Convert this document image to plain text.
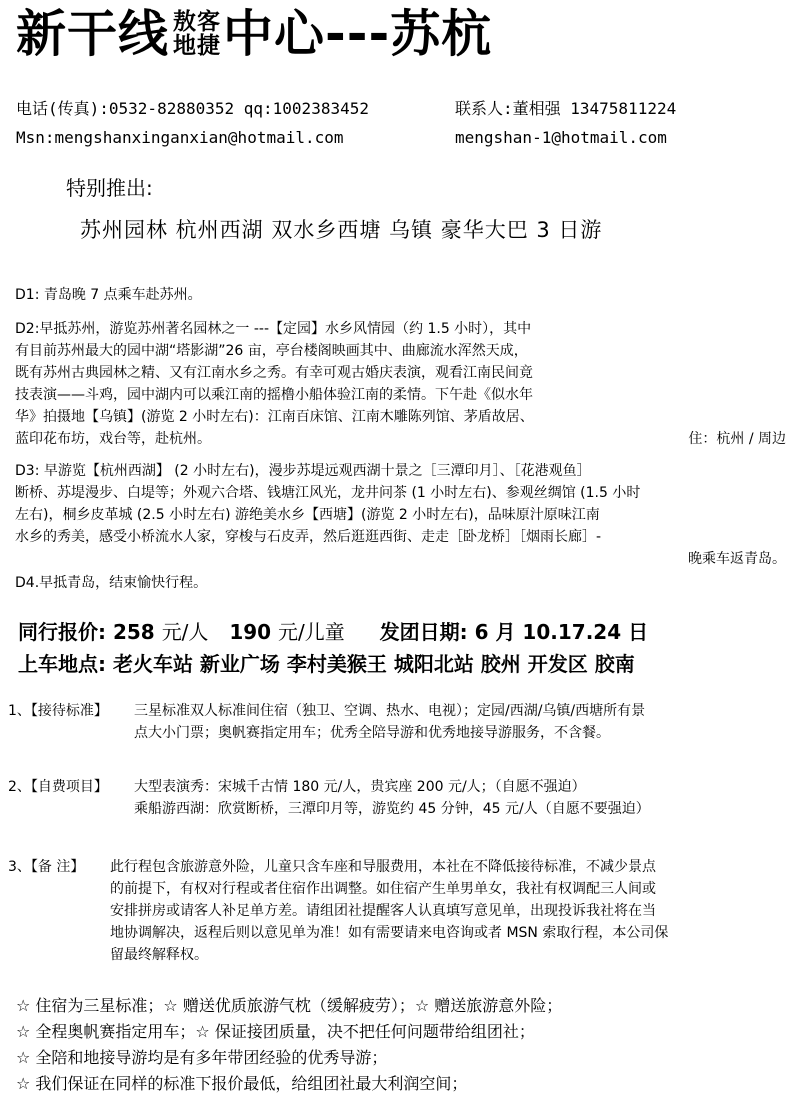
新干线 敖客
地捷中心---苏杭
电话(传真):0532-82880352 qq:1002383452	联系人:董相强 13475811224
Msn:mengshanxinganxian@hotmail.com	mengshan-1@hotmail.com
特别推出:
苏州园林 杭州西湖 双水乡西塘 乌镇 豪华大巴 3 日游
D1: 青岛晚 7 点乘车赴苏州。
D2:早抵苏州，游览苏州著名园林之一 ---【定园】水乡风情园（约 1.5 小时），其中
有目前苏州最大的园中湖“塔影湖”26 亩，亭台楼阁映画其中、曲廊流水浑然天成，
既有苏州古典园林之精、又有江南水乡之秀。有幸可观古婚庆表演，观看江南民间竟
技表演——斗鸡，园中湖内可以乘江南的摇橹小船体验江南的柔情。下午赴《似水年
华》拍摄地【乌镇】(游览 2 小时左右)：江南百床馆、江南木雕陈列馆、茅盾故居、
蓝印花布坊，戏台等，赴杭州。	住：杭州 / 周边
D3: 早游览【杭州西湖】 (2 小时左右)，漫步苏堤远观西湖十景之［三潭印月］、［花港观鱼］
断桥、苏堤漫步、白堤等；外观六合塔、钱塘江风光，龙井问茶 (1 小时左右)、参观丝绸馆 (1.5 小时
左右)，桐乡皮革城 (2.5 小时左右) 游绝美水乡【西塘】(游览 2 小时左右)，品味原汁原味江南
水乡的秀美，感受小桥流水人家，穿梭与石皮弄，然后逛逛西街、走走［卧龙桥］［烟雨长廊］-
晚乘车返青岛。
D4.早抵青岛，结束愉快行程。
同行报价: 258 元/人 190 元/儿童 发团日期: 6 月 10.17.24 日
上车地点: 老火车站 新业广场 李村美猴王 城阳北站 胶州 开发区 胶南
1、【接待标准】 三星标准双人标准间住宿（独卫、空调、热水、电视）；定园/西湖/乌镇/西塘所有景
点大小门票；奥帆赛指定用车；优秀全陪导游和优秀地接导游服务，不含餐。
2、【自费项目】 大型表演秀：宋城千古情 180 元/人，贵宾座 200 元/人；（自愿不强迫）
乘船游西湖：欣赏断桥，三潭印月等，游览约 45 分钟，45 元/人（自愿不要强迫）
3、【备 注】 此行程包含旅游意外险，儿童只含车座和导服费用，本社在不降低接待标准，不减少景点
的前提下，有权对行程或者住宿作出调整。如住宿产生单男单女，我社有权调配三人间或
安排拼房或请客人补足单方差。请组团社提醒客人认真填写意见单，出现投诉我社将在当
地协调解决，返程后则以意见单为准！如有需要请来电咨询或者 MSN 索取行程，本公司保
留最终解释权。
☆ 住宿为三星标准；☆ 赠送优质旅游气枕（缓解疲劳）；☆ 赠送旅游意外险；
☆ 全程奥帆赛指定用车；☆ 保证接团质量，决不把任何问题带给组团社；
☆ 全陪和地接导游均是有多年带团经验的优秀导游；
☆ 我们保证在同样的标准下报价最低，给组团社最大利润空间；
